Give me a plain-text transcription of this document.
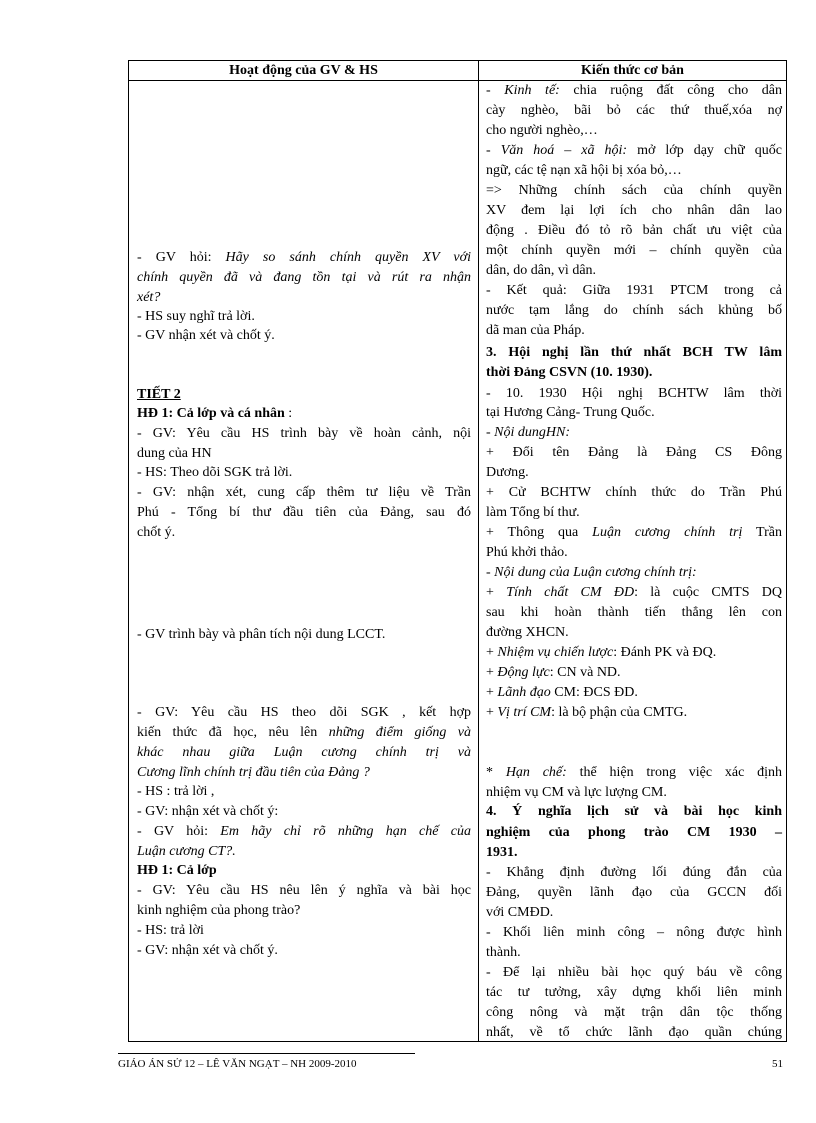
Hoạt động của GV & HS	Kiến thức cơ bản
- GV hỏi: Hãy so sánh chính quyền XV với
chính quyền đã và đang tồn tại và rút ra nhận
xét?
- HS suy nghĩ trả lời.
- GV nhận xét và chốt ý.
TIẾT 2
HĐ 1: Cả lớp và cá nhân :
- GV: Yêu cầu HS trình bày về hoàn cảnh, nội
dung của HN
- HS: Theo dõi SGK trả lời.
- GV: nhận xét, cung cấp thêm tư liệu về Trần
Phú - Tổng bí thư đầu tiên của Đảng, sau đó
chốt ý.
- GV trình bày và phân tích nội dung LCCT.
- GV: Yêu cầu HS theo dõi SGK , kết hợp
kiến thức đã học, nêu lên những điểm giống và
khác nhau giữa Luận cương chính trị và
Cương lĩnh chính trị đầu tiên của Đảng ?
- HS : trả lời ,
- GV: nhận xét và chốt ý:
- GV hỏi: Em hãy chỉ rõ những hạn chế của
Luận cương CT?.
HĐ 1: Cả lớp
- GV: Yêu cầu HS nêu lên ý nghĩa và bài học
kinh nghiệm của phong trào?
- HS: trả lời
- GV: nhận xét và chốt ý.
- Kinh tế: chia ruộng đất công cho dân
cày nghèo, bãi bỏ các thứ thuế,xóa nợ
cho người nghèo,…
- Văn hoá – xã hội: mở lớp dạy chữ quốc
ngữ, các tệ nạn xã hội bị xóa bỏ,…
=> Những chính sách của chính quyền
XV đem lại lợi ích cho nhân dân lao
động . Điều đó tỏ rõ bản chất ưu việt của
một chính quyền mới – chính quyền của
dân, do dân, vì dân.
- Kết quả: Giữa 1931 PTCM trong cả
nước tạm lắng do chính sách khủng bố
dã man của Pháp.
3. Hội nghị lần thứ nhất BCH TW lâm
thời Đảng CSVN (10. 1930).
- 10. 1930 Hội nghị BCHTW lâm thời
tại Hương Cảng- Trung Quốc.
- Nội dungHN:
+ Đổi tên Đảng là Đảng CS Đông
Dương.
+ Cử BCHTW chính thức do Trần Phú
làm Tổng bí thư.
+ Thông qua Luận cương chính trị Trần
Phú khởi thảo.
- Nội dung của Luận cương chính trị:
+ Tính chất CM ĐD: là cuộc CMTS DQ
sau khi hoàn thành tiến thẳng lên con
đường XHCN.
+ Nhiệm vụ chiến lược: Đánh PK và ĐQ.
+ Động lực: CN và ND.
+ Lãnh đạo CM: ĐCS ĐD.
+ Vị trí CM: là bộ phận của CMTG.
* Hạn chế: thể hiện trong việc xác định
nhiệm vụ CM và lực lượng CM.
4. Ý nghĩa lịch sử và bài học kinh
nghiệm của phong trào CM 1930 –
1931.
- Khẳng định đường lối đúng đắn của
Đảng, quyền lãnh đạo của GCCN đối
với CMĐD.
- Khối liên minh công – nông được hình
thành.
- Để lại nhiều bài học quý báu về công
tác tư tưởng, xây dựng khối liên minh
công nông và mặt trận dân tộc thống
nhất, về tổ chức lãnh đạo quần chúng
GIÁO ÁN SỬ 12 – LÊ VĂN NGẠT – NH 2009-2010	51
